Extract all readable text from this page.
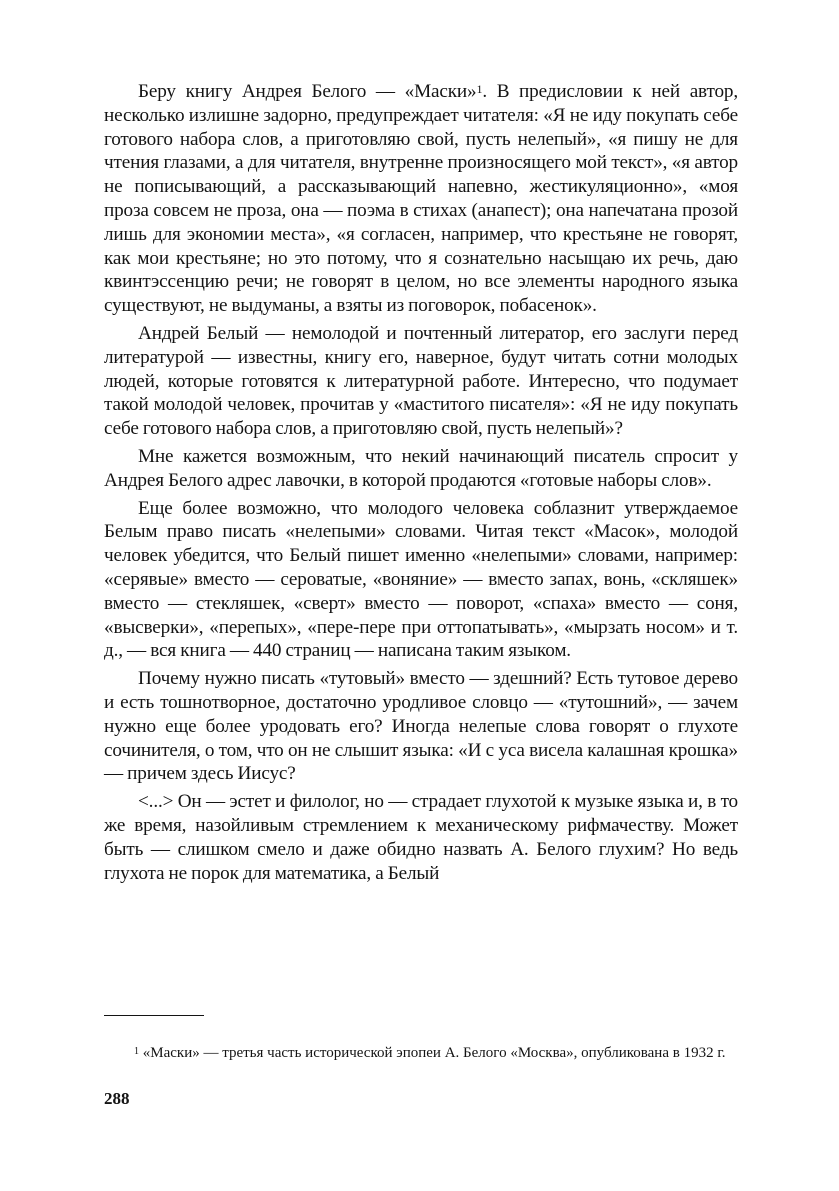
Беру книгу Андрея Белого — «Маски»$^1$. В предисловии к ней автор, несколько излишне задорно, предупреждает читателя: «Я не иду покупать себе готового набора слов, а приготовляю свой, пусть нелепый», «я пишу не для чтения глазами, а для читателя, внутренне произносящего мой текст», «я автор не пописывающий, а рассказывающий напевно, жестикуляционно», «моя проза совсем не проза, она — поэма в стихах (анапест); она напечатана прозой лишь для экономии места», «я согласен, например, что крестьяне не говорят, как мои крестьяне; но это потому, что я сознательно насыщаю их речь, даю квинтэссенцию речи; не говорят в целом, но все элементы народного языка существуют, не выдуманы, а взяты из поговорок, побасенок».

Андрей Белый — немолодой и почтенный литератор, его заслуги перед литературой — известны, книгу его, наверное, будут читать сотни молодых людей, которые готовятся к литературной работе. Интересно, что подумает такой молодой человек, прочитав у «маститого писателя»: «Я не иду покупать себе готового набора слов, а приготовляю свой, пусть нелепый»?

Мне кажется возможным, что некий начинающий писатель спросит у Андрея Белого адрес лавочки, в которой продаются «готовые наборы слов».

Еще более возможно, что молодого человека соблазнит утверждаемое Белым право писать «нелепыми» словами. Читая текст «Масок», молодой человек убедится, что Белый пишет именно «нелепыми» словами, например: «серявые» вместо — сероватые, «воняние» — вместо запах, вонь, «скляшек» вместо — стекляшек, «сверт» вместо — поворот, «спаха» вместо — соня, «высверки», «перепых», «пере-пере при оттопатывать», «мырзать носом» и т. д., — вся книга — 440 страниц — написана таким языком.

Почему нужно писать «тутовый» вместо — здешний? Есть тутовое дерево и есть тошнотворное, достаточно уродливое словцо — «тутошний», — зачем нужно еще более уродовать его? Иногда нелепые слова говорят о глухоте сочинителя, о том, что он не слышит языка: «И с уса висела калашная крошка» — причем здесь Иисус?

<...> Он — эстет и филолог, но — страдает глухотой к музыке языка и, в то же время, назойливым стремлением к механическому рифмачеству. Может быть — слишком смело и даже обидно назвать А. Белого глухим? Но ведь глухота не порок для математика, а Белый

$^1$ «Маски» — третья часть исторической эпопеи А. Белого «Москва», опубликована в 1932 г.
288
